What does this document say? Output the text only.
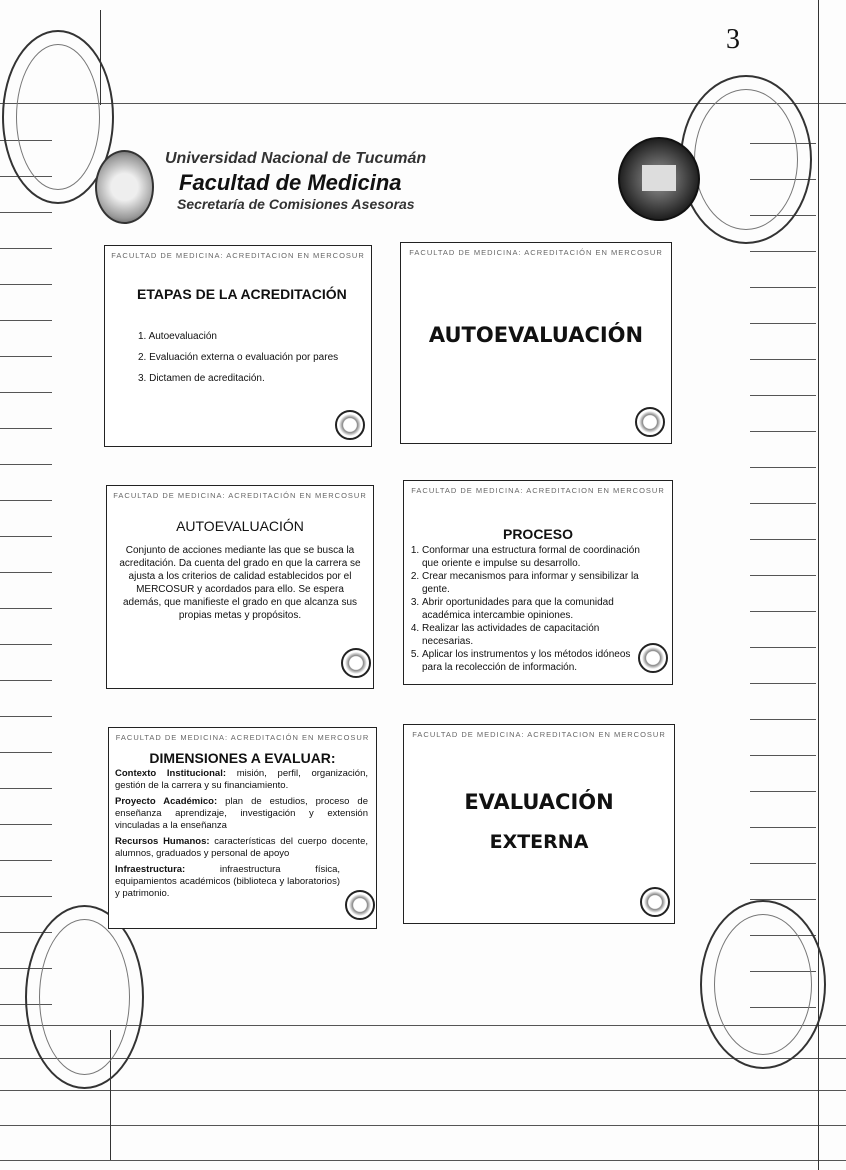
3
Universidad Nacional de Tucumán
Facultad de Medicina
Secretaría de Comisiones Asesoras
FACULTAD DE MEDICINA: ACREDITACION EN MERCOSUR
ETAPAS DE LA ACREDITACIÓN
1. Autoevaluación
2. Evaluación externa o evaluación por pares
3. Dictamen de acreditación.
FACULTAD DE MEDICINA: ACREDITACIÓN EN MERCOSUR
AUTOEVALUACIÓN
FACULTAD DE MEDICINA: ACREDITACIÓN EN MERCOSUR
AUTOEVALUACIÓN
Conjunto de acciones mediante las que se busca la acreditación. Da cuenta del grado en que la carrera se ajusta a los criterios de calidad establecidos por el MERCOSUR y acordados para ello. Se espera además, que manifieste el grado en que alcanza sus propias metas y propósitos.
FACULTAD DE MEDICINA: ACREDITACION EN MERCOSUR
PROCESO
1. Conformar una estructura formal de coordinación que oriente e impulse su desarrollo.
2. Crear mecanismos para informar y sensibilizar la gente.
3. Abrir oportunidades para que la comunidad académica intercambie opiniones.
4. Realizar las actividades de capacitación necesarias.
5. Aplicar los instrumentos y los métodos idóneos para la recolección de información.
FACULTAD DE MEDICINA: ACREDITACIÓN EN MERCOSUR
DIMENSIONES A EVALUAR:
Contexto Institucional: misión, perfil, organización, gestión de la carrera y su financiamiento.
Proyecto Académico: plan de estudios, proceso de enseñanza aprendizaje, investigación y extensión vinculadas a la enseñanza
Recursos Humanos: características del cuerpo docente, alumnos, graduados y personal de apoyo
Infraestructura: infraestructura física, equipamientos académicos (biblioteca y laboratorios) y patrimonio.
FACULTAD DE MEDICINA: ACREDITACION EN MERCOSUR
EVALUACIÓN
EXTERNA
